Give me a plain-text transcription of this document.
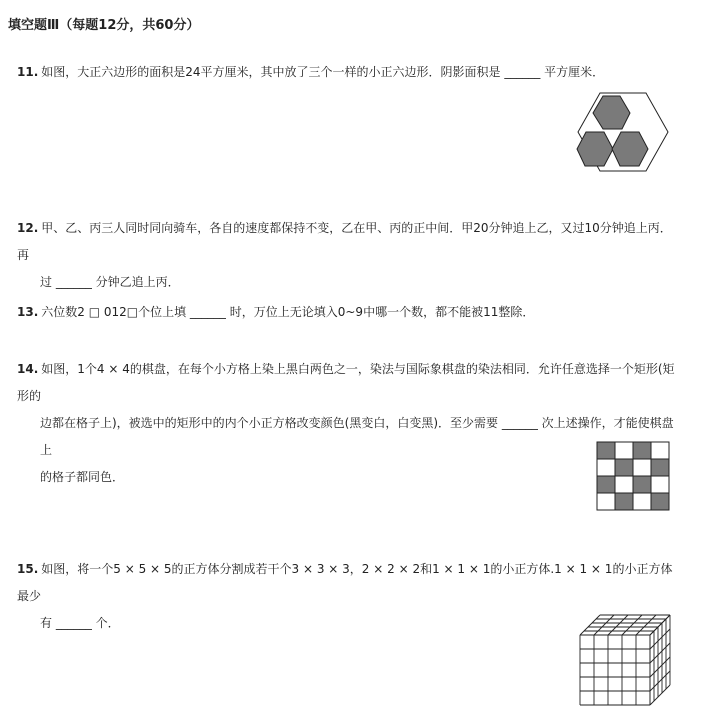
填空题Ⅲ（每题12分，共60分）
11. 如图，大正六边形的面积是24平方厘米，其中放了三个一样的小正六边形．阴影面积是 ______ 平方厘米．
12. 甲、乙、丙三人同时同向骑车，各自的速度都保持不变，乙在甲、丙的正中间．甲20分钟追上乙，又过10分钟追上丙．再
过 ______ 分钟乙追上丙．
13. 六位数2 □ 012□个位上填 ______ 时，万位上无论填入0~9中哪一个数，都不能被11整除．
14. 如图，1个4 × 4的棋盘，在每个小方格上染上黑白两色之一，染法与国际象棋盘的染法相同．允许任意选择一个矩形(矩形的
边都在格子上)，被选中的矩形中的内个小正方格改变颜色(黑变白，白变黑)．至少需要 ______ 次上述操作，才能使棋盘上
的格子都同色．
15. 如图，将一个5 × 5 × 5的正方体分割成若干个3 × 3 × 3，2 × 2 × 2和1 × 1 × 1的小正方体.1 × 1 × 1的小正方体最少
有 ______ 个．
